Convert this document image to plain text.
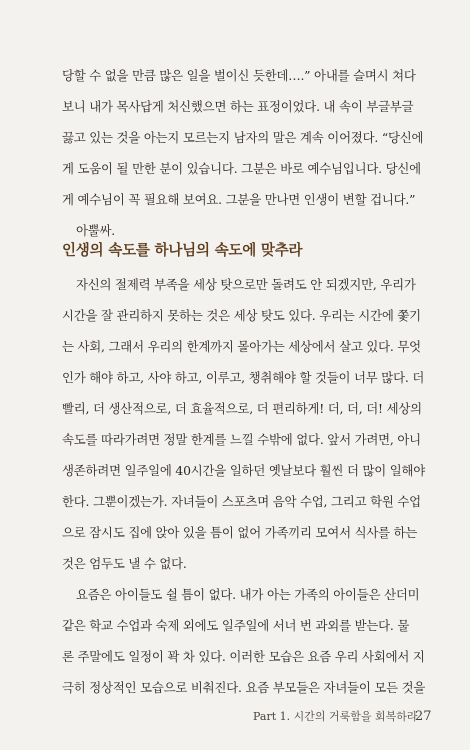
당할 수 없을 만큼 많은 일을 벌이신 듯한데….” 아내를 슬며시 쳐다
보니 내가 목사답게 처신했으면 하는 표정이었다. 내 속이 부글부글
끓고 있는 것을 아는지 모르는지 남자의 말은 계속 이어졌다. “당신에
게 도움이 될 만한 분이 있습니다. 그분은 바로 예수님입니다. 당신에
게 예수님이 꼭 필요해 보여요. 그분을 만나면 인생이 변할 겁니다.”
아뿔싸.
인생의 속도를 하나님의 속도에 맞추라
자신의 절제력 부족을 세상 탓으로만 돌려도 안 되겠지만, 우리가
시간을 잘 관리하지 못하는 것은 세상 탓도 있다. 우리는 시간에 쫓기
는 사회, 그래서 우리의 한계까지 몰아가는 세상에서 살고 있다. 무엇
인가 해야 하고, 사야 하고, 이루고, 챙취해야 할 것들이 너무 많다. 더
빨리, 더 생산적으로, 더 효율적으로, 더 편리하게! 더, 더, 더! 세상의
속도를 따라가려면 정말 한계를 느낄 수밖에 없다. 앞서 가려면, 아니
생존하려면 일주일에 40시간을 일하던 옛날보다 훨씬 더 많이 일해야
한다. 그뿐이겠는가. 자녀들이 스포츠며 음악 수업, 그리고 학원 수업
으로 잠시도 집에 앉아 있을 틈이 없어 가족끼리 모여서 식사를 하는
것은 엄두도 낼 수 없다.
요즘은 아이들도 쉴 틈이 없다. 내가 아는 가족의 아이들은 산더미
같은 학교 수업과 숙제 외에도 일주일에 서너 번 과외를 받는다. 물
론 주말에도 일정이 꽉 차 있다. 이러한 모습은 요즘 우리 사회에서 지
극히 정상적인 모습으로 비춰진다. 요즘 부모들은 자녀들이 모든 것을
Part 1. 시간의 거룩함을 회복하라
27
